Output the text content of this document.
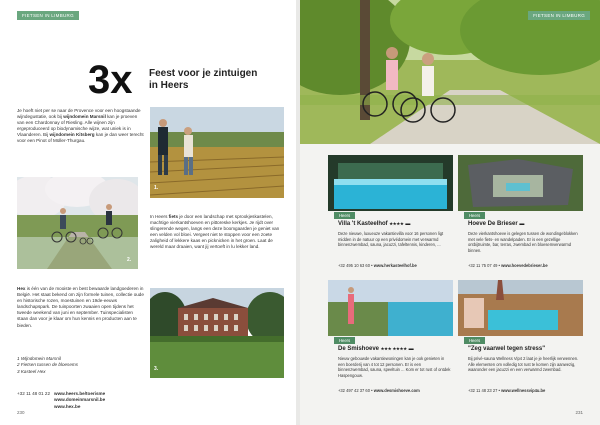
FIETSEN IN LIMBURG
3x Feest voor je zintuigen in Heers
Je hoeft niet per se naar de Provence voor een hoogstaande wijndegustatie, ook bij wijndomein Marsnil kan je proeven van een Chardonnay of Riesling. Alle wijnen zijn ergeproduceerd op biodynamische wijze, wat uniek is in Vlaanderen. Bij wijndomein Kitsberg kan je dan weer terecht voor een Pinot of Müller-Thurgau.
1.
2.
In Heers fiets je door een landschap met sprookjeskastelen, machtige vierkantshoeven en pittoreske kerkjes. Je rijdt over slingerende wegen, langs een deze boomgaarden je geniet van een velden vol bloei. Vergeet niet te stoppen voor een zoete zaligheid of lekkere kaas en picknicken in het groen. Laat de wereld maar draaien, want jij vertoeft in lu lekker land.
Hex is één van de mooiste en best bewaarde landgoederen in België. Het staat bekend om zijn formele tuinen, collectie oude en historische rozen, moestuinen en 19de-eeuws landschapspark. De tuinpoorten zwaaien open tijdens het tweede weekend van juni en september. Tuinspecialisten staan dan voor je klaar om hun kennis en producten aan te bieden.
3.
1 Wijndomein Marsnil
2 Fietsen tussen de bloesems
3 Kasteel Hex
+32 11 48 01 22 www.heers.be/toerisme
www.domeinmarsnil.be
www.hex.be
230
FIETSEN IN LIMBURG
Heers
Villa 't Kasteelhof ★★★★ ▬
Deze nieuwe, luxueuze vakantievilla voor 16 personen ligt midden in de natuur op een privédomein met verwarmd binnenzwembad, sauna, jacuzzi, tafeltennis, kinderen, ...
+32 495 10 63 60 • www.herkasteelhof.be
Heers
Hoeve De Brieser ▬
Deze vierkantshoeve is gelegen tussen de wondingeblokken met vele fiets- en wandelpaden. Er is een gezellige ontbijtruimte, bar, terras, zwembad en bloesemverwarmd binnen.
+32 11 75 07 49 • www.hoevedebrieser.be
Heers
De Smishoeve ★★★ ★★★★ ▬
Nieuw gebouwde vakantiewoningen kan je ook genieten in een boerderij van 4 tot 12 personen. Er is een binnenzwembad, sauna, speeltuin ... Kom er tot rust of ontdek Haspengouw.
+32 497 42 37 60 • www.desmishoeve.com
Heers
"Zeg vaarwel tegen stress"
Bij privé-sauna Wellness Vip4 2 laat je je heerlijk verwennen. Alle elementen om volledig tot rust te komen zijn aanwezig, waaronder een jacuzzi en een verwarmd zwembad.
+32 11 48 23 27 • www.wellnessvip4u.be
231
